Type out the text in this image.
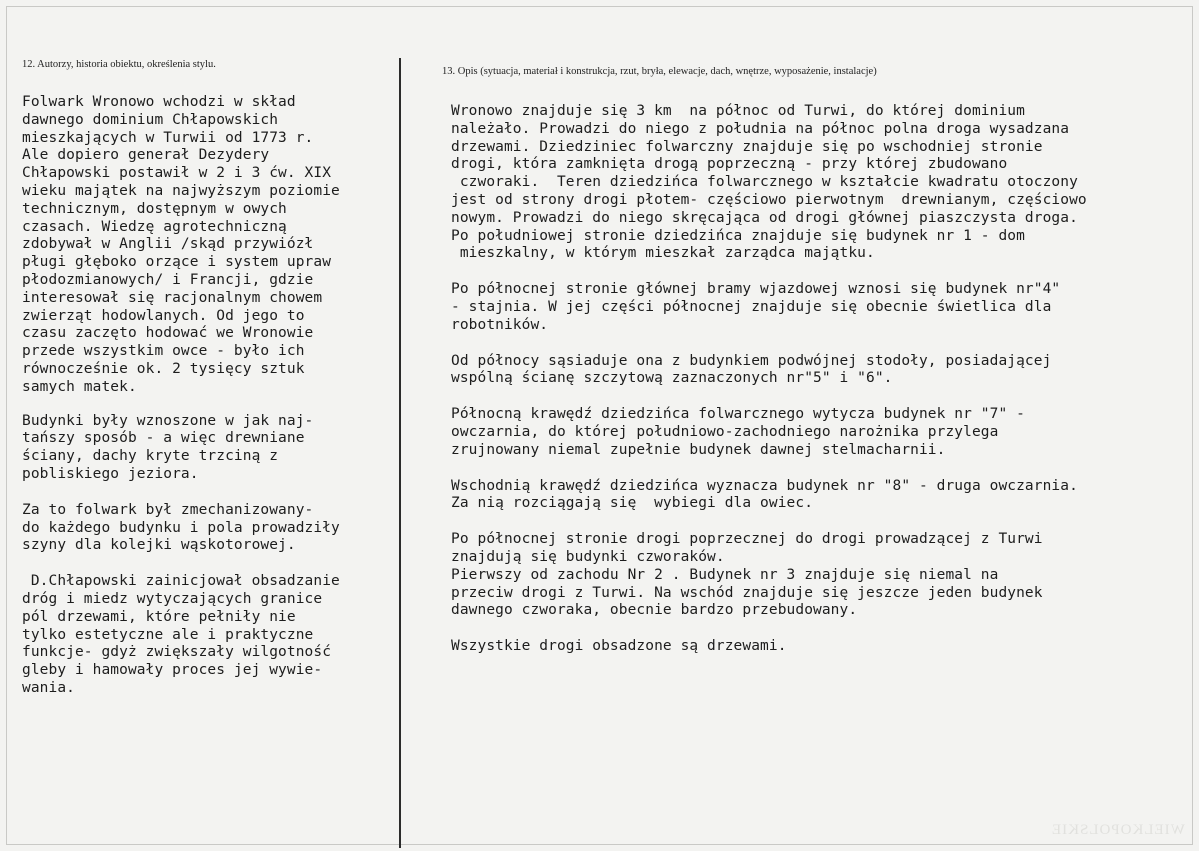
12. Autorzy, historia obiektu, określenia stylu.
13. Opis (sytuacja, materiał i konstrukcja, rzut, bryła, elewacje, dach, wnętrze, wyposażenie, instalacje)

Folwark Wronowo wchodzi w skład
dawnego dominium Chłapowskich
mieszkających w Turwii od 1773 r.
Ale dopiero generał Dezydery
Chłapowski postawił w 2 i 3 ćw. XIX
wieku majątek na najwyższym poziomie
technicznym, dostępnym w owych
czasach. Wiedzę agrotechniczną
zdobywał w Anglii /skąd przywiózł
pługi głęboko orzące i system upraw
płodozmianowych/ i Francji, gdzie
interesował się racjonalnym chowem
zwierząt hodowlanych. Od jego to
czasu zaczęto hodować we Wronowie
przede wszystkim owce - było ich
równocześnie ok. 2 tysięcy sztuk
samych matek.

Budynki były wznoszone w jak naj-
tańszy sposób - a więc drewniane
ściany, dachy kryte trzciną z
pobliskiego jeziora.

Za to folwark był zmechanizowany-
do każdego budynku i pola prowadziły
szyny dla kolejki wąskotorowej.

D.Chłapowski zainicjował obsadzanie
dróg i miedz wytyczających granice
pól drzewami, które pełniły nie
tylko estetyczne ale i praktyczne
funkcje- gdyż zwiększały wilgotność
gleby i hamowały proces jej wywie-
wania.

Wronowo znajduje się 3 km  na północ od Turwi, do której dominium
należało. Prowadzi do niego z południa na północ polna droga wysadzana
drzewami. Dziedziniec folwarczny znajduje się po wschodniej stronie
drogi, która zamknięta drogą poprzeczną - przy której zbudowano
czworaki.  Teren dziedzińca folwarcznego w kształcie kwadratu otoczony
jest od strony drogi płotem- częściowo pierwotnym  drewnianym, częściowo
nowym. Prowadzi do niego skręcająca od drogi głównej piaszczysta droga.
Po południowej stronie dziedzińca znajduje się budynek nr 1 - dom
mieszkalny, w którym mieszkał zarządca majątku.

Po północnej stronie głównej bramy wjazdowej wznosi się budynek nr"4"
- stajnia. W jej części północnej znajduje się obecnie świetlica dla
robotników.

Od północy sąsiaduje ona z budynkiem podwójnej stodoły, posiadającej
wspólną ścianę szczytową zaznaczonych nr"5" i "6".

Północną krawędź dziedzińca folwarcznego wytycza budynek nr "7" -
owczarnia, do której południowo-zachodniego narożnika przylega
zrujnowany niemal zupełnie budynek dawnej stelmacharnii.

Wschodnią krawędź dziedzińca wyznacza budynek nr "8" - druga owczarnia.
Za nią rozciągają się  wybiegi dla owiec.

Po północnej stronie drogi poprzecznej do drogi prowadzącej z Turwi
znajdują się budynki czworaków.
Pierwszy od zachodu Nr 2 . Budynek nr 3 znajduje się niemal na
przeciw drogi z Turwi. Na wschód znajduje się jeszcze jeden budynek
dawnego czworaka, obecnie bardzo przebudowany.

Wszystkie drogi obsadzone są drzewami.

WIELKOPOLSKIE
